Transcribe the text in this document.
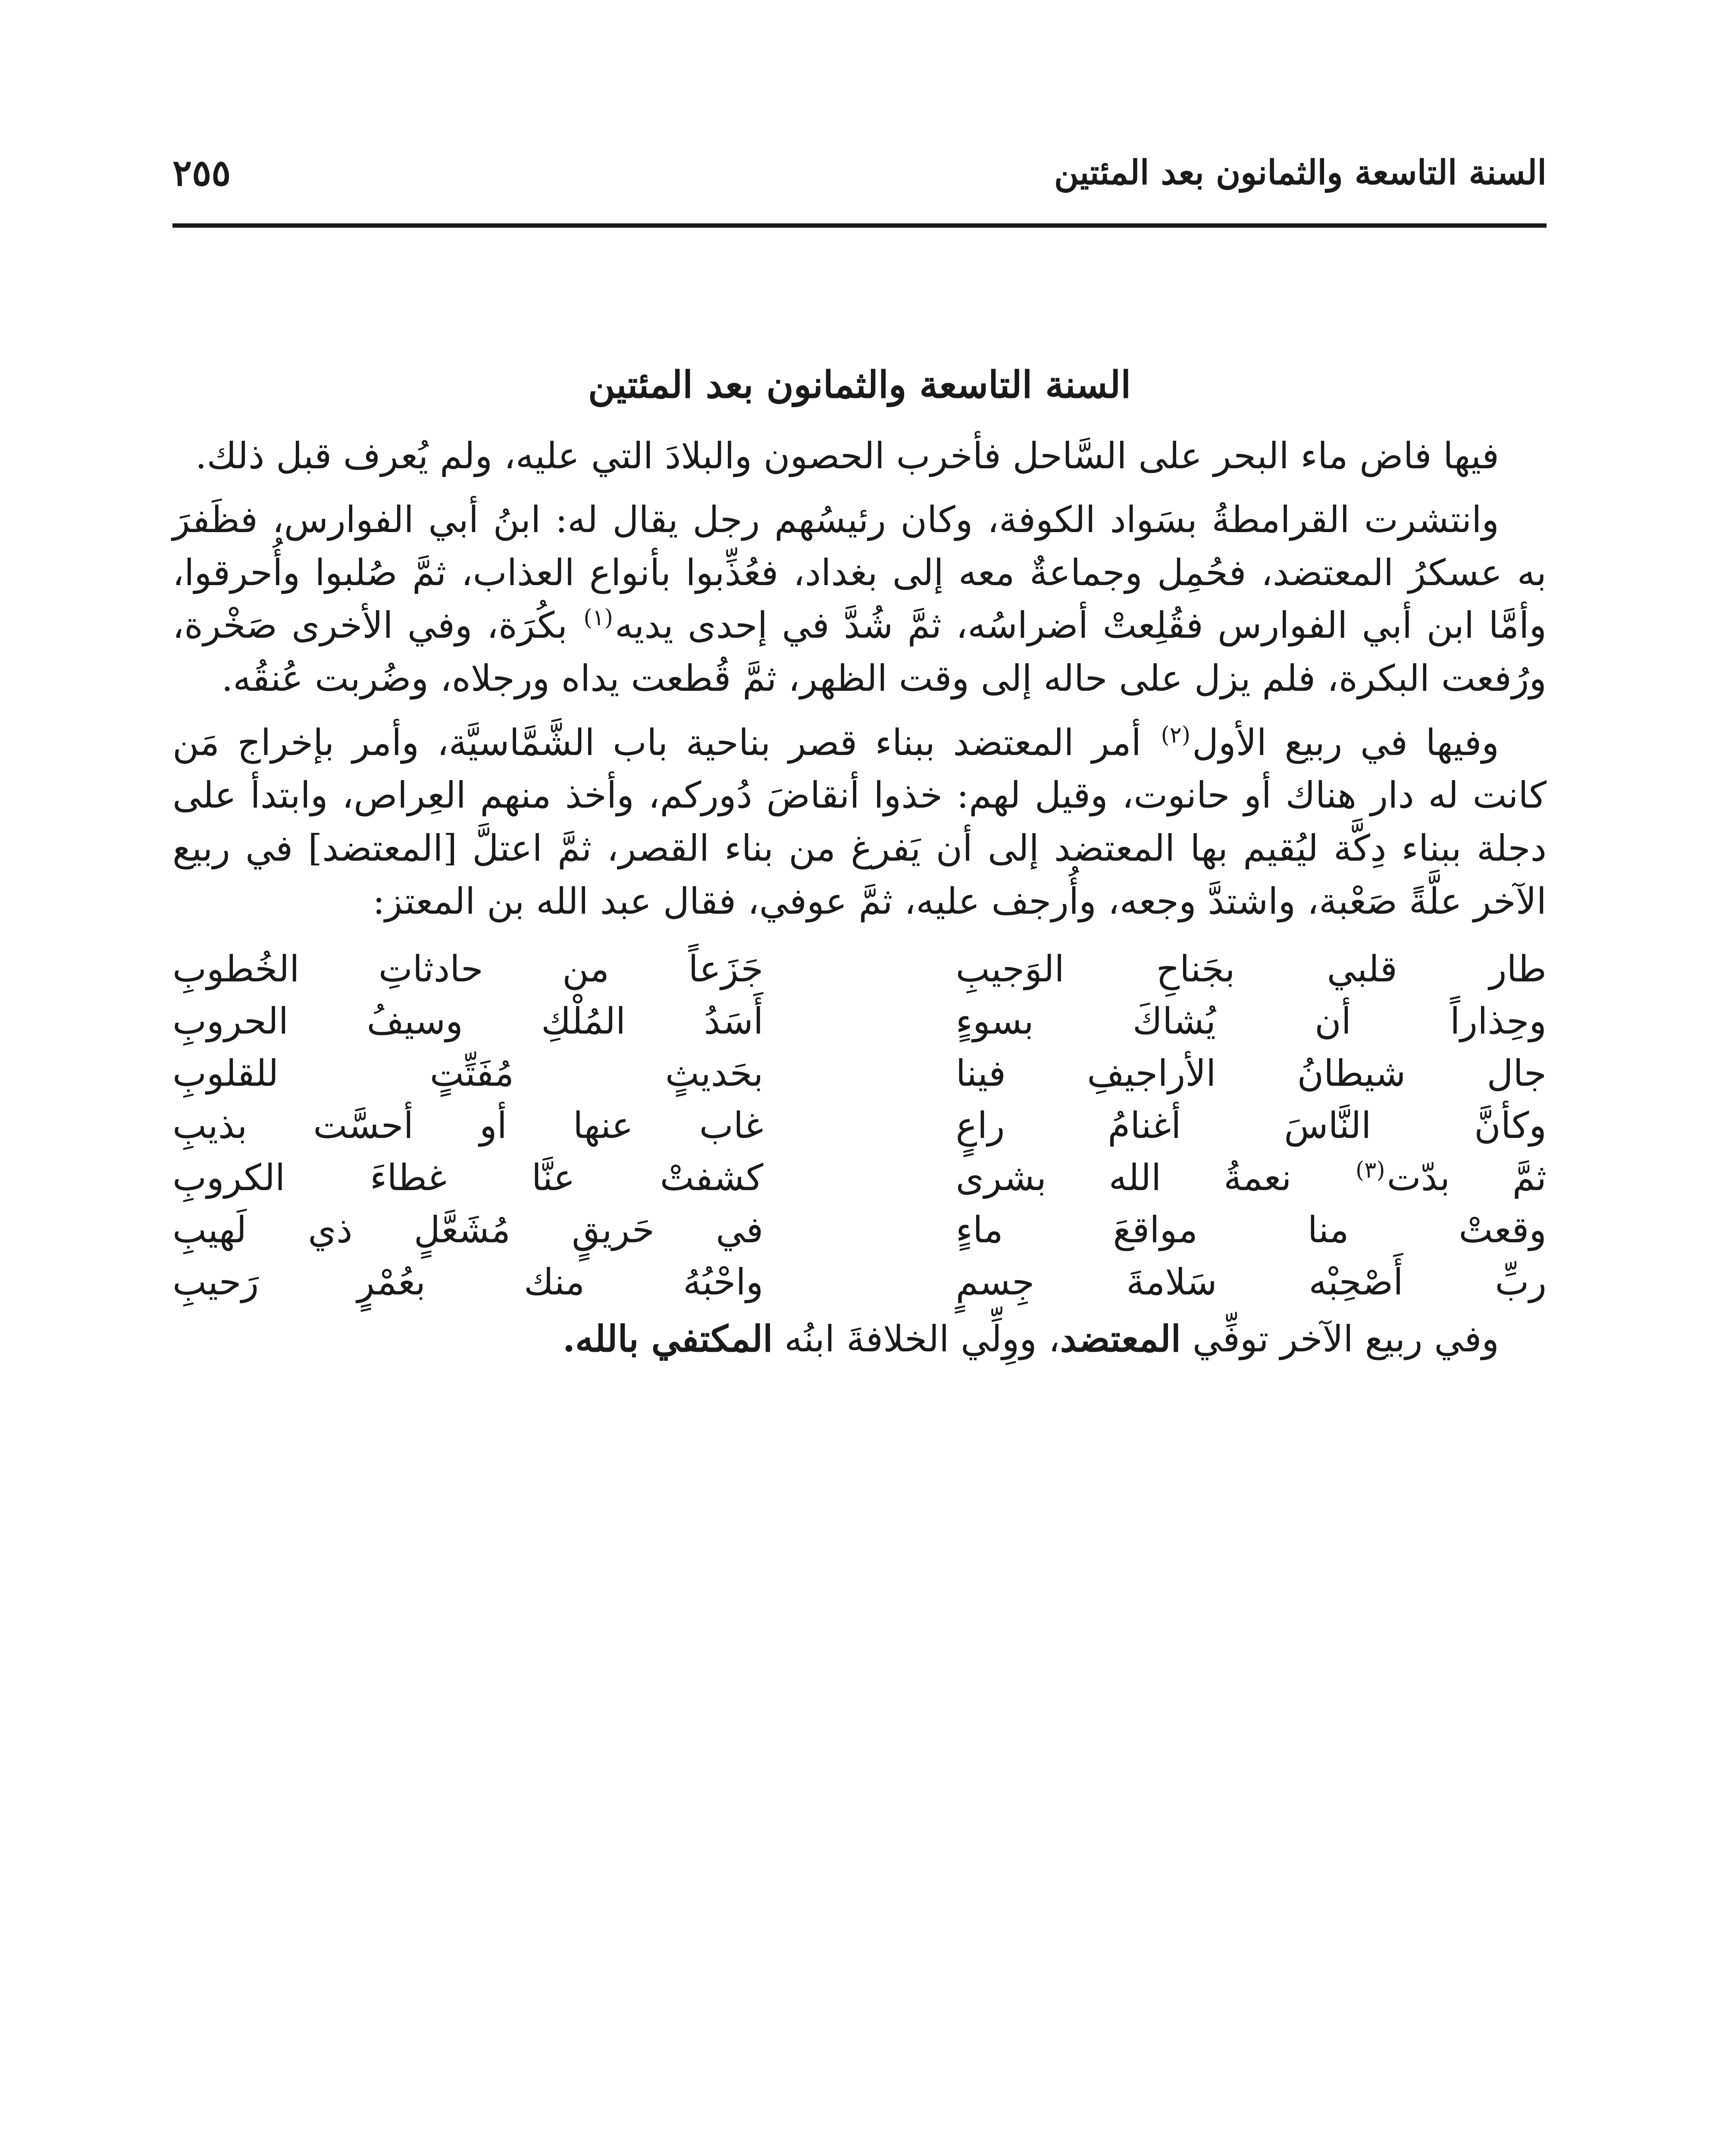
السنة التاسعة والثمانون بعد المئتين
٢٥٥
السنة التاسعة والثمانون بعد المئتين

فيها فاض ماء البحر على السَّاحل فأخرب الحصون والبلادَ التي عليه، ولم يُعرف قبل ذلك.

وانتشرت القرامطةُ بسَواد الكوفة، وكان رئيسُهم رجل يقال له: ابنُ أبي الفوارس، فظَفرَ به عسكرُ المعتضد، فحُمِل وجماعةٌ معه إلى بغداد، فعُذِّبوا بأنواع العذاب، ثمَّ صُلبوا وأُحرقوا، وأمَّا ابن أبي الفوارس فقُلِعتْ أضراسُه، ثمَّ شُدَّ في إحدى يديه$^{(١)}$ بكُرَة، وفي الأخرى صَخْرة، ورُفعت البكرة، فلم يزل على حاله إلى وقت الظهر، ثمَّ قُطعت يداه ورجلاه، وضُربت عُنقُه.

وفيها في ربيع الأول$^{(٢)}$ أمر المعتضد ببناء قصر بناحية باب الشَّمَّاسيَّة، وأمر بإخراج مَن كانت له دار هناك أو حانوت، وقيل لهم: خذوا أنقاضَ دُوركم، وأخذ منهم العِراص، وابتدأ على دجلة ببناء دِكَّة ليُقيم بها المعتضد إلى أن يَفرغ من بناء القصر، ثمَّ اعتلَّ [المعتضد] في ربيع الآخر علَّةً صَعْبة، واشتدَّ وجعه، وأُرجف عليه، ثمَّ عوفي، فقال عبد الله بن المعتز:

طار قلبي بجَناحِ الوَجيبِ
جَزَعاً من حادثاتِ الخُطوبِ
وحِذاراً أن يُشاكَ بسوءٍ
أَسَدُ المُلْكِ وسيفُ الحروبِ
جال شيطانُ الأراجيفِ فينا
بحَديثٍ مُفَتِّتٍ للقلوبِ
وكأنَّ النَّاسَ أغنامُ راعٍ
غاب عنها أو أحسَّت بذيبِ
ثمَّ بدّت$^{(٣)}$ نعمةُ الله بشرى
كشفتْ عنَّا غطاءَ الكروبِ
وقعتْ منا مواقعَ ماءٍ
في حَريقٍ مُشَعَّلٍ ذي لَهيبِ
ربِّ أَصْحِبْه سَلامةَ جِسمٍ
واحْبُهُ منك بعُمْرٍ رَحيبِ

وفي ربيع الآخر توفِّي المعتضد، ووِلِّي الخلافةَ ابنُه المكتفي بالله.
